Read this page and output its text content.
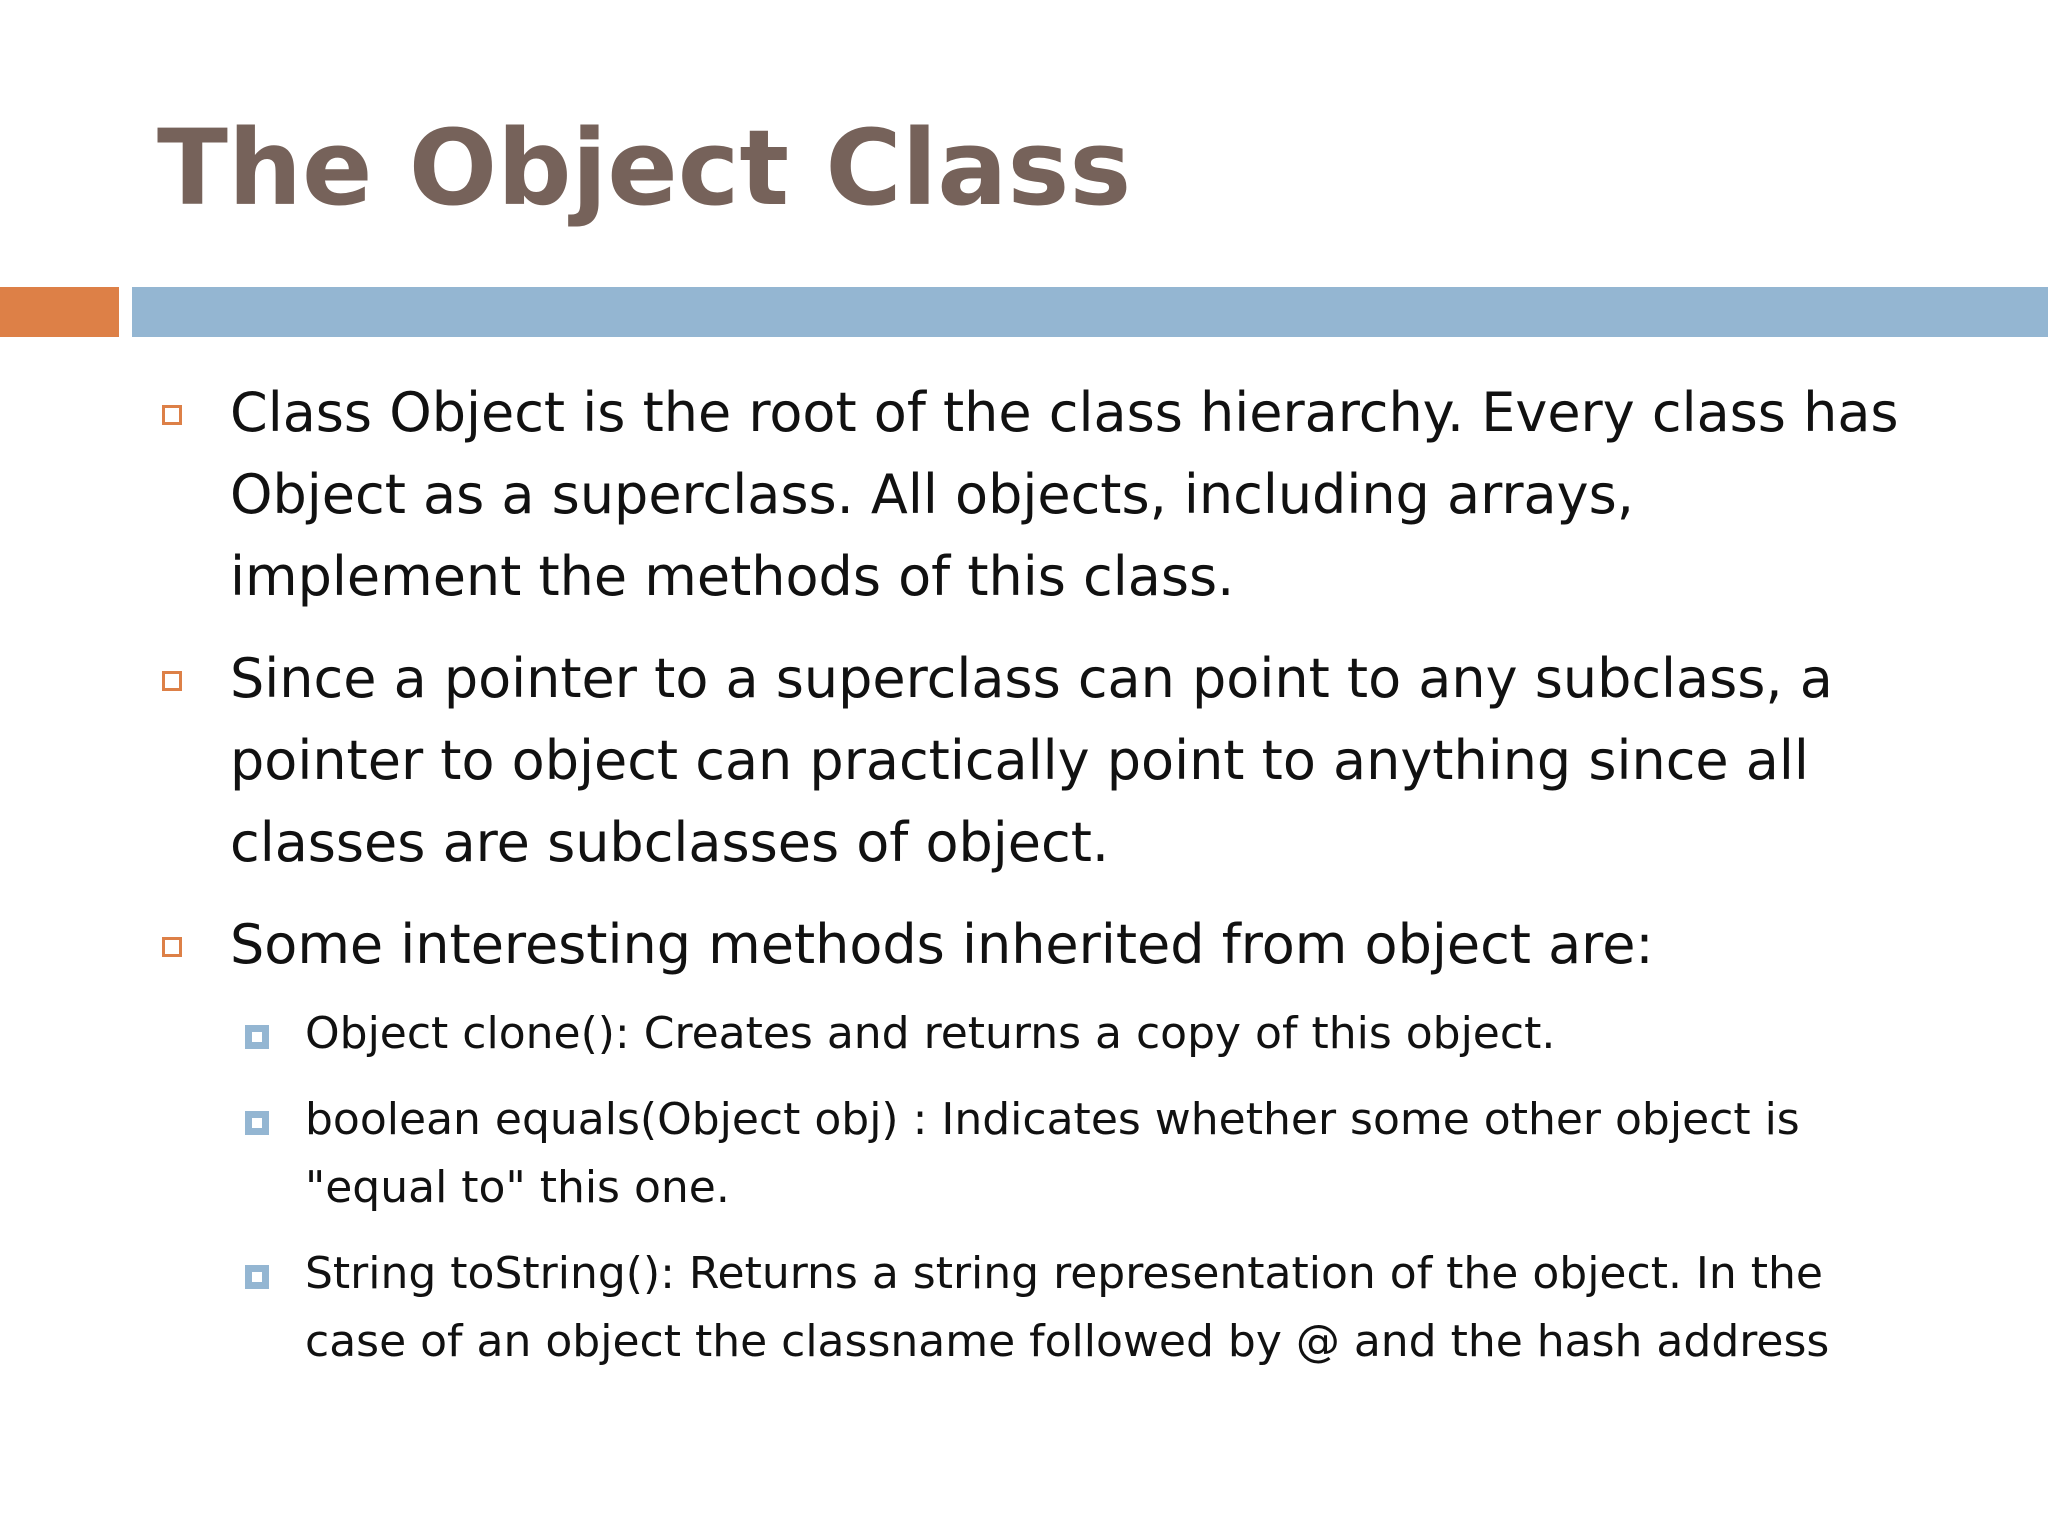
The Object Class
Class Object is the root of the class hierarchy. Every class has Object as a superclass. All objects, including arrays, implement the methods of this class.
Since a pointer to a superclass can point to any subclass, a pointer to object can practically point to anything since all classes are subclasses of object.
Some interesting methods inherited from object are:
Object clone(): Creates and returns a copy of this object.
boolean equals(Object obj) : Indicates whether some other object is "equal to" this one.
String toString(): Returns a string representation of the object. In the case of an object the classname followed by @ and the hash address
